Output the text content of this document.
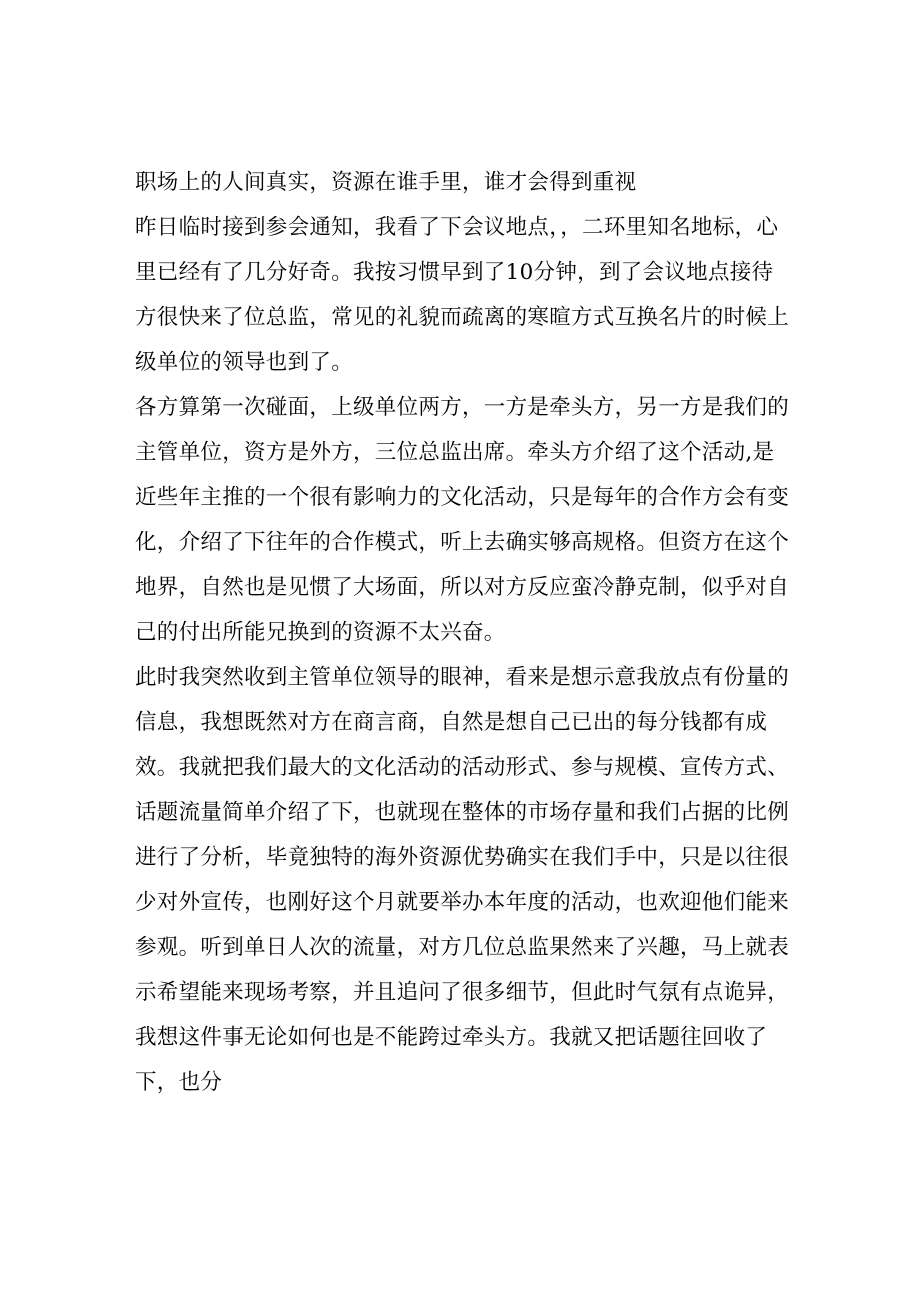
职场上的人间真实，资源在谁手里，谁才会得到重视

昨日临时接到参会通知，我看了下会议地点，，二环里知名地标，心里已经有了几分好奇。我按习惯早到了10分钟，到了会议地点接待方很快来了位总监，常见的礼貌而疏离的寒暄方式互换名片的时候上级单位的领导也到了。

各方算第一次碰面，上级单位两方，一方是牵头方，另一方是我们的主管单位，资方是外方，三位总监出席。牵头方介绍了这个活动,是近些年主推的一个很有影响力的文化活动，只是每年的合作方会有变化，介绍了下往年的合作模式，听上去确实够高规格。但资方在这个地界，自然也是见惯了大场面，所以对方反应蛮冷静克制，似乎对自己的付出所能兄换到的资源不太兴奋。

此时我突然收到主管单位领导的眼神，看来是想示意我放点有份量的信息，我想既然对方在商言商，自然是想自己已出的每分钱都有成效。我就把我们最大的文化活动的活动形式、参与规模、宣传方式、话题流量简单介绍了下，也就现在整体的市场存量和我们占据的比例进行了分析，毕竟独特的海外资源优势确实在我们手中，只是以往很少对外宣传，也刚好这个月就要举办本年度的活动，也欢迎他们能来参观。听到单日人次的流量，对方几位总监果然来了兴趣，马上就表示希望能来现场考察，并且追问了很多细节，但此时气氛有点诡异，我想这件事无论如何也是不能跨过牵头方。我就又把话题往回收了下，也分
